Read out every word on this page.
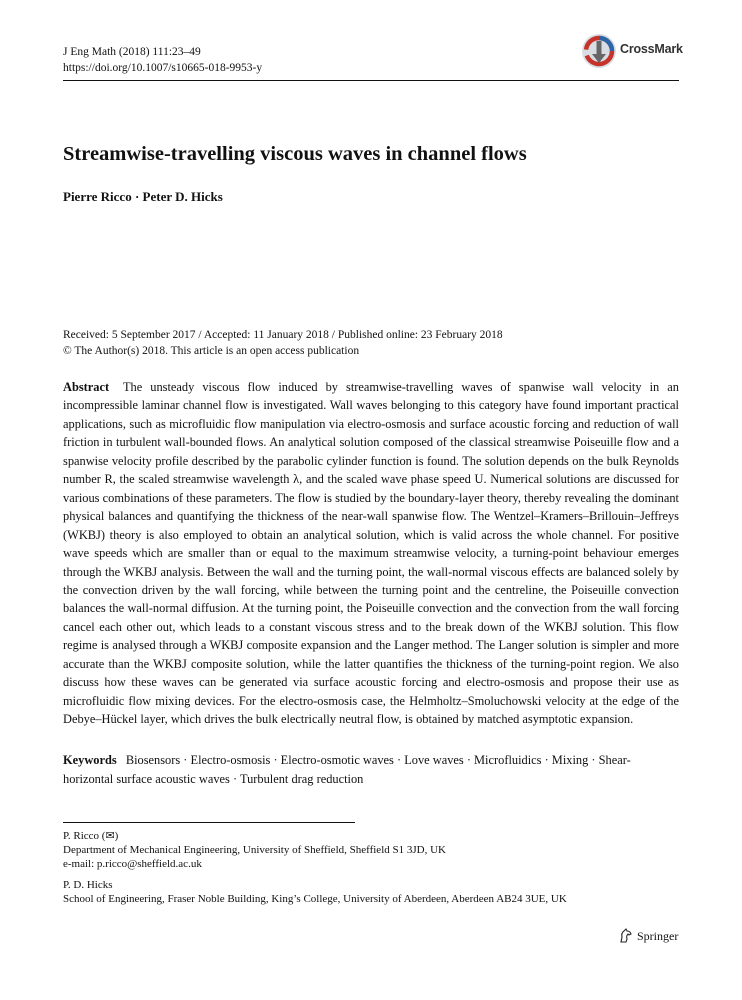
J Eng Math (2018) 111:23–49
https://doi.org/10.1007/s10665-018-9953-y
CrossMark
Streamwise-travelling viscous waves in channel flows
Pierre Ricco · Peter D. Hicks
Received: 5 September 2017 / Accepted: 11 January 2018 / Published online: 23 February 2018
© The Author(s) 2018. This article is an open access publication
Abstract The unsteady viscous flow induced by streamwise-travelling waves of spanwise wall velocity in an incompressible laminar channel flow is investigated. Wall waves belonging to this category have found important practical applications, such as microfluidic flow manipulation via electro-osmosis and surface acoustic forcing and reduction of wall friction in turbulent wall-bounded flows. An analytical solution composed of the classical streamwise Poiseuille flow and a spanwise velocity profile described by the parabolic cylinder function is found. The solution depends on the bulk Reynolds number R, the scaled streamwise wavelength λ, and the scaled wave phase speed U. Numerical solutions are discussed for various combinations of these parameters. The flow is studied by the boundary-layer theory, thereby revealing the dominant physical balances and quantifying the thickness of the near-wall spanwise flow. The Wentzel–Kramers–Brillouin–Jeffreys (WKBJ) theory is also employed to obtain an analytical solution, which is valid across the whole channel. For positive wave speeds which are smaller than or equal to the maximum streamwise velocity, a turning-point behaviour emerges through the WKBJ analysis. Between the wall and the turning point, the wall-normal viscous effects are balanced solely by the convection driven by the wall forcing, while between the turning point and the centreline, the Poiseuille convection balances the wall-normal diffusion. At the turning point, the Poiseuille convection and the convection from the wall forcing cancel each other out, which leads to a constant viscous stress and to the break down of the WKBJ solution. This flow regime is analysed through a WKBJ composite expansion and the Langer method. The Langer solution is simpler and more accurate than the WKBJ composite solution, while the latter quantifies the thickness of the turning-point region. We also discuss how these waves can be generated via surface acoustic forcing and electro-osmosis and propose their use as microfluidic flow mixing devices. For the electro-osmosis case, the Helmholtz–Smoluchowski velocity at the edge of the Debye–Hückel layer, which drives the bulk electrically neutral flow, is obtained by matched asymptotic expansion.
Keywords Biosensors · Electro-osmosis · Electro-osmotic waves · Love waves · Microfluidics · Mixing · Shear-horizontal surface acoustic waves · Turbulent drag reduction
P. Ricco (✉)
Department of Mechanical Engineering, University of Sheffield, Sheffield S1 3JD, UK
e-mail: p.ricco@sheffield.ac.uk
P. D. Hicks
School of Engineering, Fraser Noble Building, King’s College, University of Aberdeen, Aberdeen AB24 3UE, UK
Springer
